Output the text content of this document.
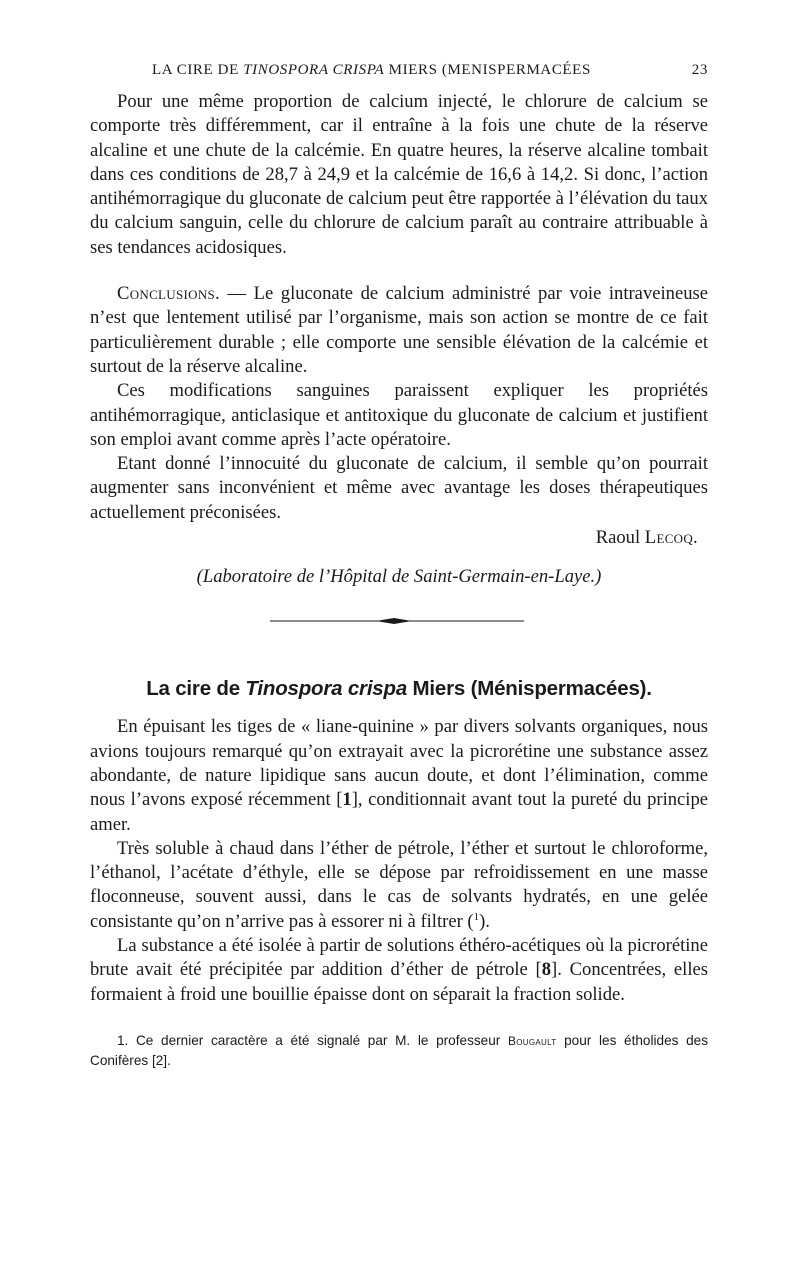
LA CIRE DE TINOSPORA CRISPA MIERS (MENISPERMACÉES	23

Pour une même proportion de calcium injecté, le chlorure de calcium se comporte très différemment, car il entraîne à la fois une chute de la réserve alcaline et une chute de la calcémie. En quatre heures, la réserve alcaline tombait dans ces conditions de 28,7 à 24,9 et la calcémie de 16,6 à 14,2. Si donc, l’action antihémorragique du gluconate de calcium peut être rapportée à l’élévation du taux du calcium sanguin, celle du chlorure de calcium paraît au contraire attribuable à ses tendances acidosiques.

Conclusions. — Le gluconate de calcium administré par voie intraveineuse n’est que lentement utilisé par l’organisme, mais son action se montre de ce fait particulièrement durable ; elle comporte une sensible élévation de la calcémie et surtout de la réserve alcaline.

Ces modifications sanguines paraissent expliquer les propriétés antihémorragique, anticlasique et antitoxique du gluconate de calcium et justifient son emploi avant comme après l’acte opératoire.

Etant donné l’innocuité du gluconate de calcium, il semble qu’on pourrait augmenter sans inconvénient et même avec avantage les doses thérapeutiques actuellement préconisées.

Raoul Lecoq.
(Laboratoire de l’Hôpital de Saint-Germain-en-Laye.)
La cire de Tinospora crispa Miers (Ménispermacées).

En épuisant les tiges de « liane-quinine » par divers solvants organiques, nous avions toujours remarqué qu’on extrayait avec la picrorétine une substance assez abondante, de nature lipidique sans aucun doute, et dont l’élimination, comme nous l’avons exposé récemment [1], conditionnait avant tout la pureté du principe amer.

Très soluble à chaud dans l’éther de pétrole, l’éther et surtout le chloroforme, l’éthanol, l’acétate d’éthyle, elle se dépose par refroidissement en une masse floconneuse, souvent aussi, dans le cas de solvants hydratés, en une gelée consistante qu’on n’arrive pas à essorer ni à filtrer ($^1$).

La substance a été isolée à partir de solutions éthéro-acétiques où la picrorétine brute avait été précipitée par addition d’éther de pétrole [8]. Concentrées, elles formaient à froid une bouillie épaisse dont on séparait la fraction solide.

1. Ce dernier caractère a été signalé par M. le professeur Bougault pour les étholides des Conifères [2].
